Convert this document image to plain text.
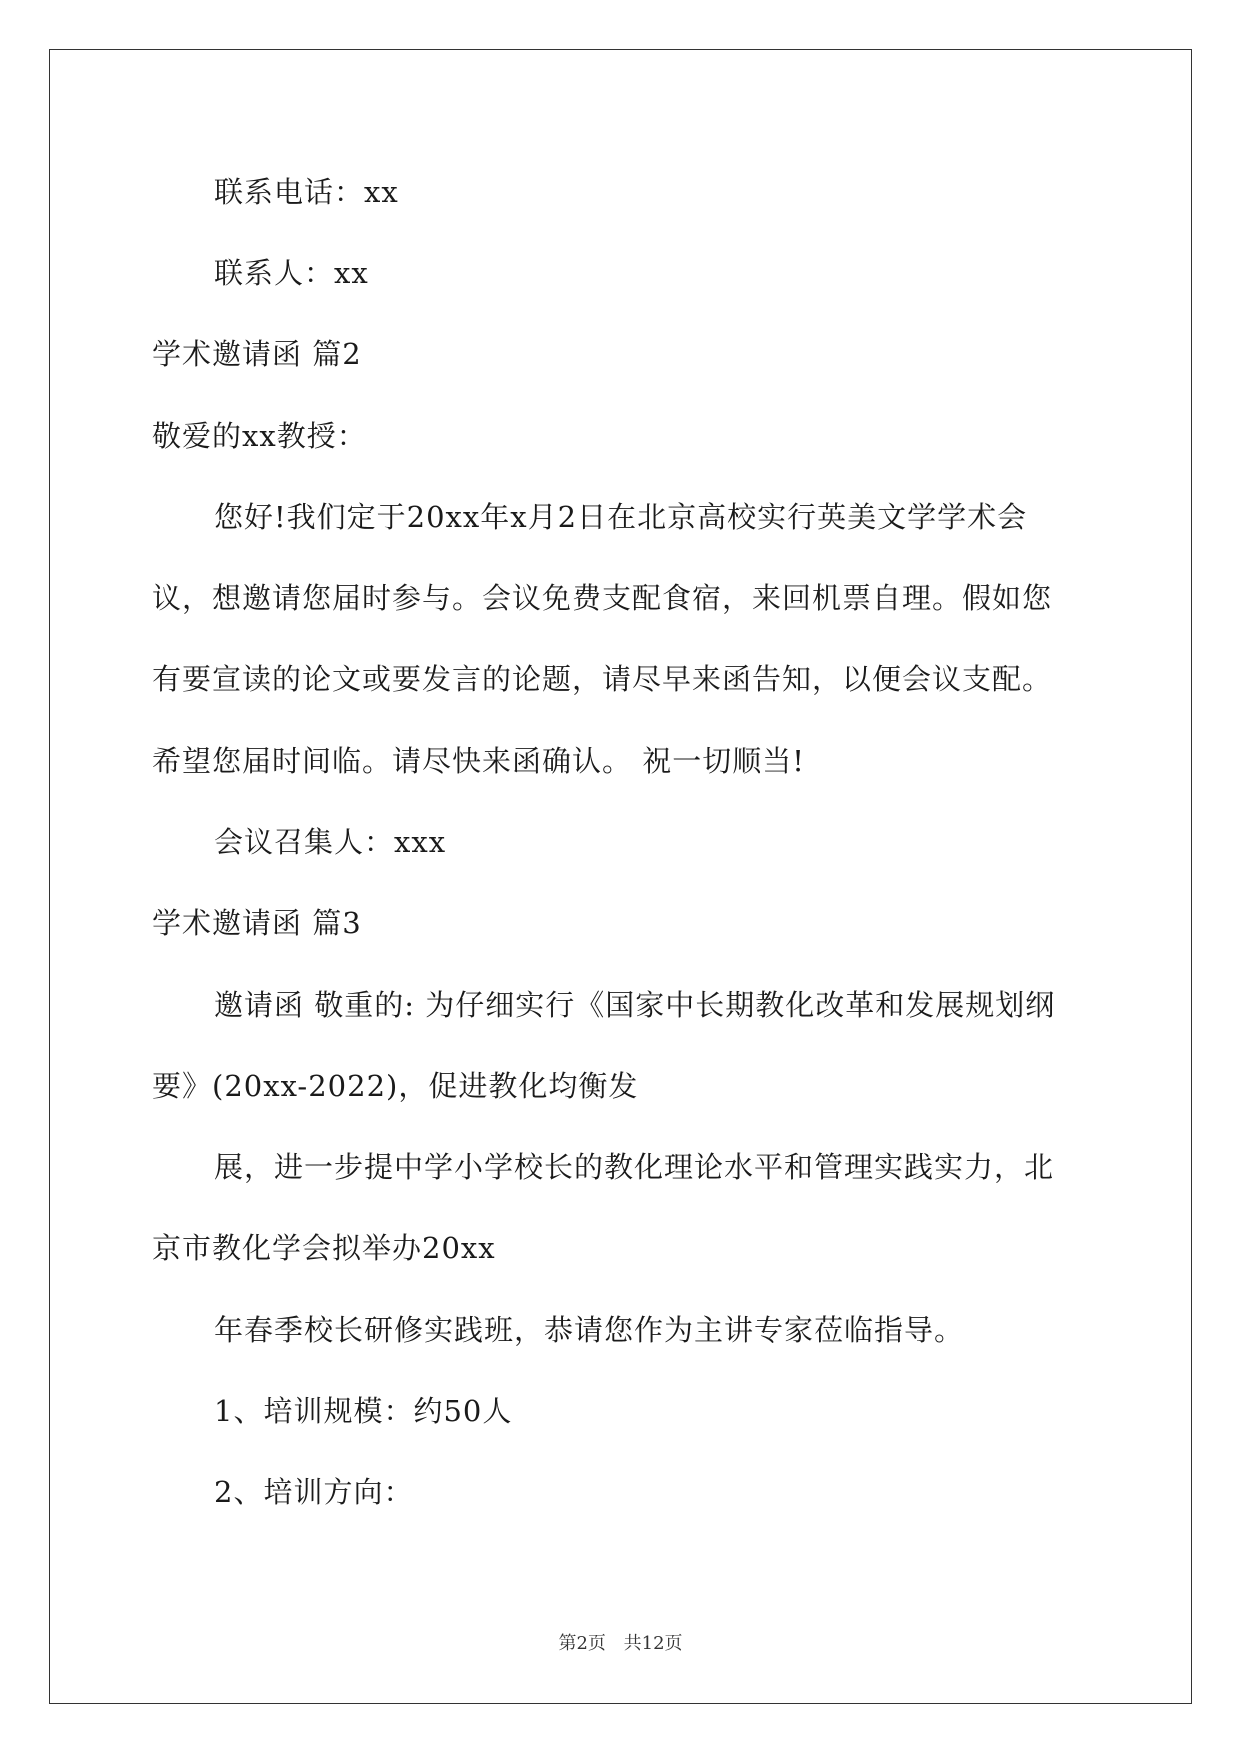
联系电话：xx
联系人：xx
学术邀请函 篇2
敬爱的xx教授：
您好!我们定于20xx年x月2日在北京高校实行英美文学学术会
议，想邀请您届时参与。会议免费支配食宿，来回机票自理。假如您
有要宣读的论文或要发言的论题，请尽早来函告知，以便会议支配。
希望您届时间临。请尽快来函确认。 祝一切顺当!
会议召集人：xxx
学术邀请函 篇3
邀请函 敬重的: 为仔细实行《国家中长期教化改革和发展规划纲
要》(20xx-2022)，促进教化均衡发
展，进一步提中学小学校长的教化理论水平和管理实践实力，北
京市教化学会拟举办20xx
年春季校长研修实践班，恭请您作为主讲专家莅临指导。
1、培训规模：约50人
2、培训方向：
第2页 共12页
